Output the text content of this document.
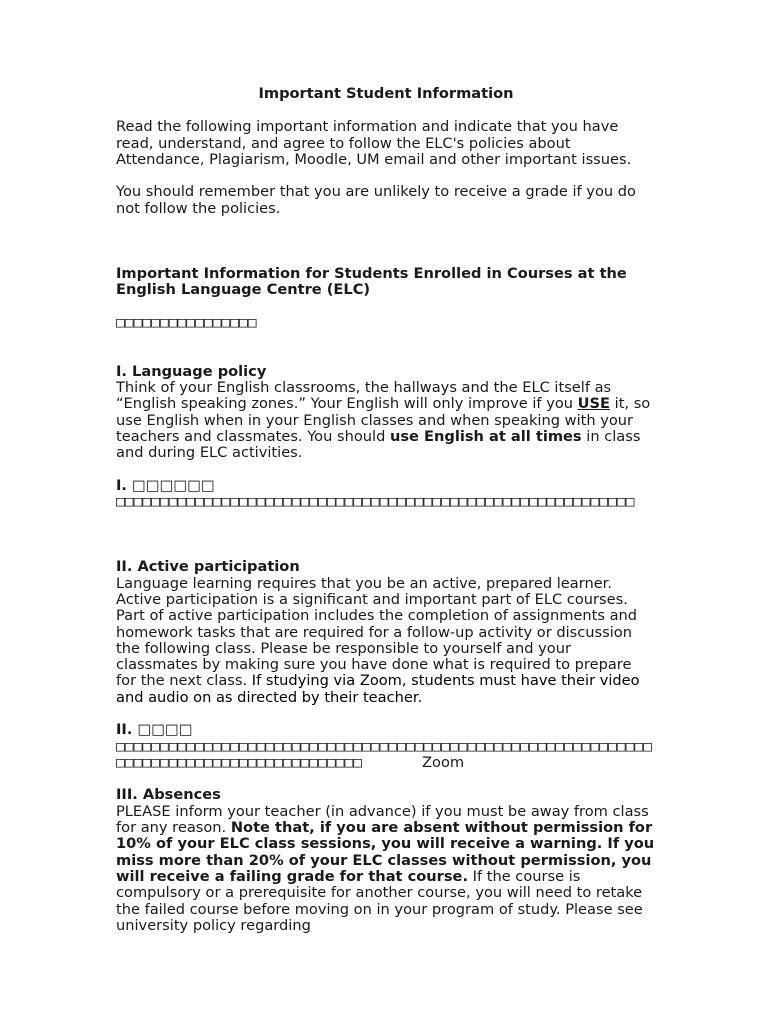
Important Student Information

Read the following important information and indicate that you have read, understand, and agree to follow the ELC's policies about Attendance, Plagiarism, Moodle, UM email and other important issues.

You should remember that you are unlikely to receive a grade if you do not follow the policies.

Important Information for Students Enrolled in Courses at the English Language Centre (ELC)

□□□□□□□□□□□□□□□□

I. Language policy

Think of your English classrooms, the hallways and the ELC itself as “English speaking zones.” Your English will only improve if you USE it, so use English when in your English classes and when speaking with your teachers and classmates. You should use English at all times in class and during ELC activities.

I. □□□□□□

□□□□□□□□□□□□□□□□□□□□□□□□□□□□□□□□□□□□□□□□□□□□□□□□□□□□□□□□□□□

II. Active participation

Language learning requires that you be an active, prepared learner. Active participation is a significant and important part of ELC courses. Part of active participation includes the completion of assignments and homework tasks that are required for a follow-up activity or discussion the following class. Please be responsible to yourself and your classmates by making sure you have done what is required to prepare for the next class. If studying via Zoom, students must have their video and audio on as directed by their teacher.

II. □□□□

□□□□□□□□□□□□□□□□□□□□□□□□□□□□□□□□□□□□□□□□□□□□□□□□□□□□□□□□□□□□□□□□□□□□□□□□□□□□□□□□□□□□□□□□□	Zoom

III. Absences

PLEASE inform your teacher (in advance) if you must be away from class for any reason. Note that, if you are absent without permission for 10% of your ELC class sessions, you will receive a warning. If you miss more than 20% of your ELC classes without permission, you will receive a failing grade for that course. If the course is compulsory or a prerequisite for another course, you will need to retake the failed course before moving on in your program of study. Please see university policy regarding
